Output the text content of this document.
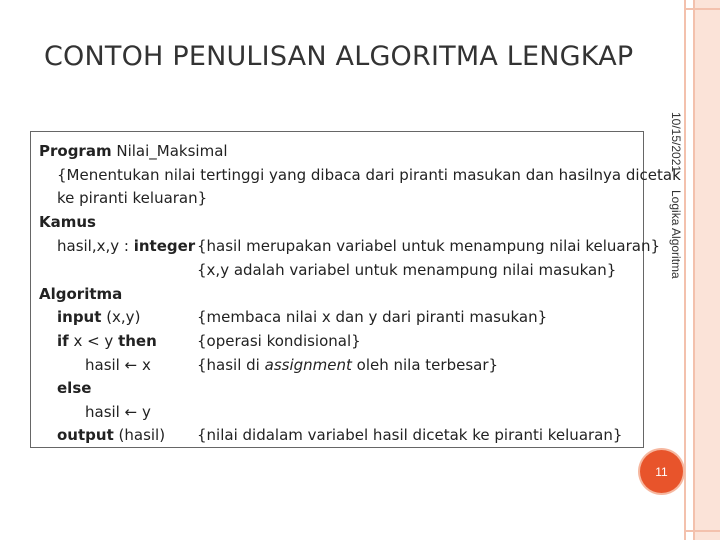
CONTOH PENULISAN ALGORITMA LENGKAP
10/15/2021
Logika Algoritma
Program Nilai_Maksimal
{Menentukan nilai tertinggi yang dibaca dari piranti masukan dan hasilnya dicetak
ke piranti keluaran}
Kamus
hasil,x,y : integer {hasil merupakan variabel untuk menampung nilai keluaran}
{x,y adalah variabel untuk menampung nilai masukan}
Algoritma
input (x,y)	{membaca nilai x dan y dari piranti masukan}
if x < y then	{operasi kondisional}
hasil ← x	{hasil di assignment oleh nila terbesar}
else
hasil ← y
output (hasil) {nilai didalam variabel hasil dicetak ke piranti keluaran}
11
